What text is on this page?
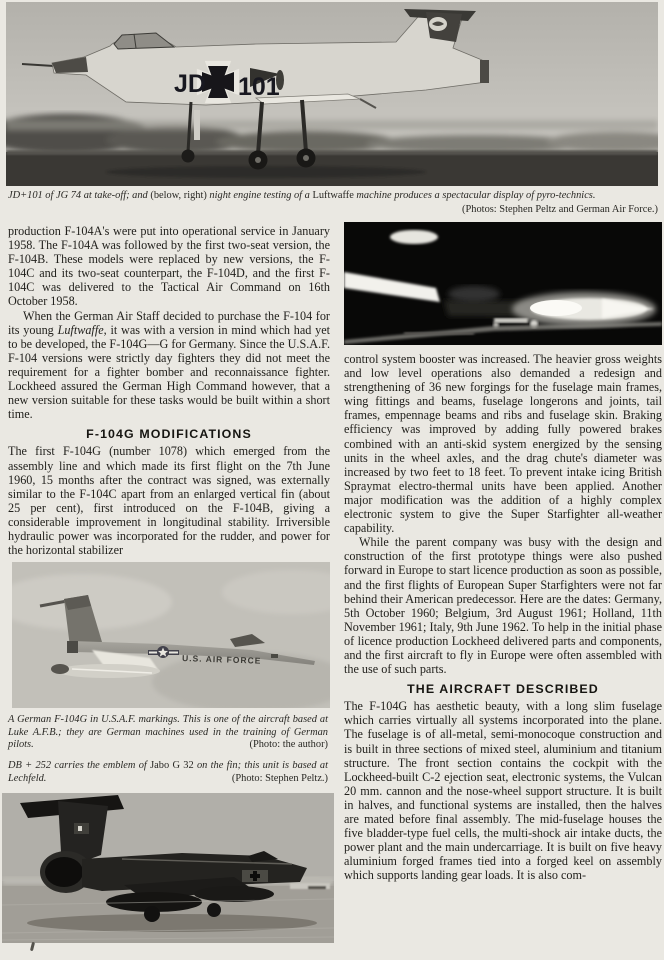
JD 101
JD+101 of JG 74 at take-off; and (below, right) night engine testing of a Luftwaffe machine produces a spectacular display of pyro-technics.
(Photos: Stephen Peltz and German Air Force.)

production F-104A's were put into operational service in January 1958. The F-104A was followed by the first two-seat version, the F-104B. These models were replaced by new versions, the F-104C and its two-seat counterpart, the F-104D, and the first F-104C was delivered to the Tactical Air Command on 16th October 1958.

When the German Air Staff decided to purchase the F-104 for its young Luftwaffe, it was with a version in mind which had yet to be developed, the F-104G—G for Germany. Since the U.S.A.F. F-104 versions were strictly day fighters they did not meet the requirement for a fighter bomber and reconnaissance fighter. Lockheed assured the German High Command however, that a new version suitable for these tasks would be built within a short time.

F-104G MODIFICATIONS

The first F-104G (number 1078) which emerged from the assembly line and which made its first flight on the 7th June 1960, 15 months after the contract was signed, was externally similar to the F-104C apart from an enlarged vertical fin (about 25 per cent), first introduced on the F-104B, giving a considerable improvement in longitudinal stability. Irriversible hydraulic power was incorporated for the rudder, and power for the horizontal stabilizer

U.S. AIR FORCE
A German F-104G in U.S.A.F. markings. This is one of the aircraft based at Luke A.F.B.; they are German machines used in the training of German pilots.	(Photo: the author)
DB + 252 carries the emblem of Jabo G 32 on the fin; this unit is based at Lechfeld.	(Photo: Stephen Peltz.)

control system booster was increased. The heavier gross weights and low level operations also demanded a redesign and strengthening of 36 new forgings for the fuselage main frames, wing fittings and beams, fuselage longerons and joints, tail frames, empennage beams and ribs and fuselage skin. Braking efficiency was improved by adding fully powered brakes combined with an anti-skid system energized by the sensing units in the wheel axles, and the drag chute's diameter was increased by two feet to 18 feet. To prevent intake icing British Spraymat electro-thermal units have been applied. Another major modification was the addition of a highly complex electronic system to give the Super Starfighter all-weather capability.

While the parent company was busy with the design and construction of the first prototype things were also pushed forward in Europe to start licence production as soon as possible, and the first flights of European Super Starfighters were not far behind their American predecessor. Here are the dates: Germany, 5th October 1960; Belgium, 3rd August 1961; Holland, 11th November 1961; Italy, 9th June 1962. To help in the initial phase of licence production Lockheed delivered parts and components, and the first aircraft to fly in Europe were often assembled with the use of such parts.

THE AIRCRAFT DESCRIBED

The F-104G has aesthetic beauty, with a long slim fuselage which carries virtually all systems incorporated into the plane. The fuselage is of all-metal, semi-monocoque construction and is built in three sections of mixed steel, aluminium and titanium structure. The front section contains the cockpit with the Lockheed-built C-2 ejection seat, electronic systems, the Vulcan 20 mm. cannon and the nose-wheel support structure. It is built in halves, and functional systems are installed, then the halves are mated before final assembly. The mid-fuselage houses the five bladder-type fuel cells, the multi-shock air intake ducts, the power plant and the main undercarriage. It is built on five heavy aluminium forged frames tied into a forged keel on assembly which supports landing gear loads. It is also com-
